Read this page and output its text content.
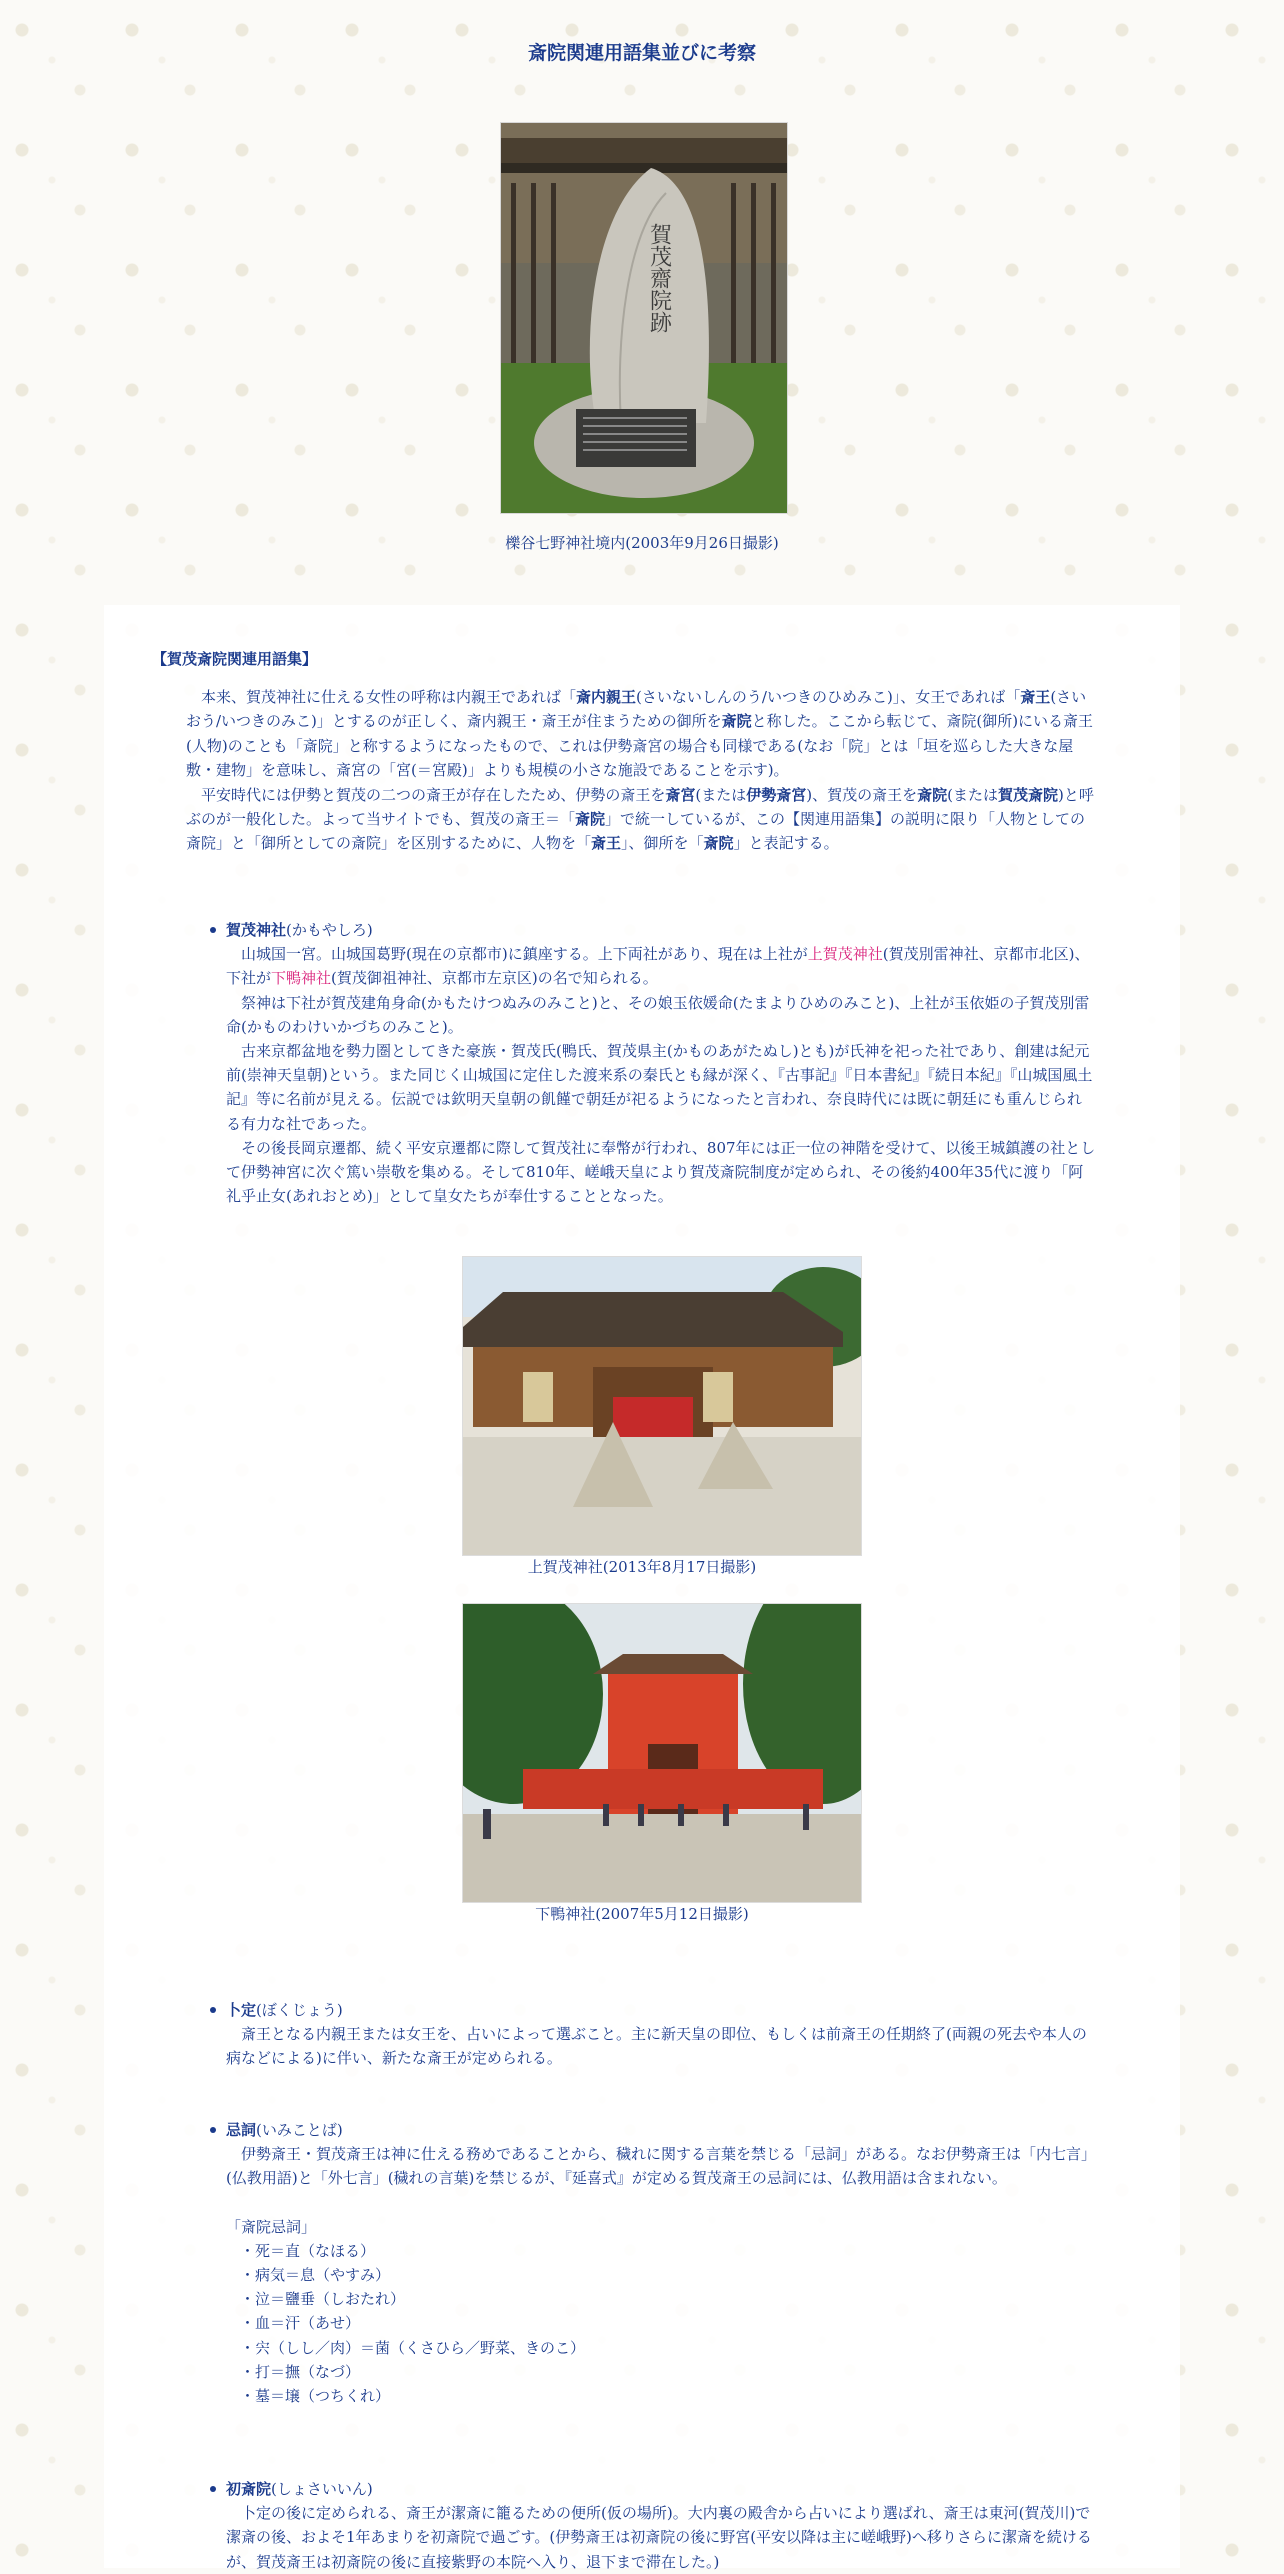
斎院関連用語集並びに考察
賀茂齋院跡
櫟谷七野神社境内(2003年9月26日撮影)
【賀茂斎院関連用語集】

本来、賀茂神社に仕える女性の呼称は内親王であれば「斎内親王(さいないしんのう/いつきのひめみこ)」、女王であれば「斎王(さいおう/いつきのみこ)」とするのが正しく、斎内親王・斎王が住まうための御所を斎院と称した。ここから転じて、斎院(御所)にいる斎王(人物)のことも「斎院」と称するようになったもので、これは伊勢斎宮の場合も同様である(なお「院」とは「垣を巡らした大きな屋敷・建物」を意味し、斎宮の「宮(＝宮殿)」よりも規模の小さな施設であることを示す)。

平安時代には伊勢と賀茂の二つの斎王が存在したため、伊勢の斎王を斎宮(または伊勢斎宮)、賀茂の斎王を斎院(または賀茂斎院)と呼ぶのが一般化した。よって当サイトでも、賀茂の斎王＝「斎院」で統一しているが、この【関連用語集】の説明に限り「人物としての斎院」と「御所としての斎院」を区別するために、人物を「斎王」、御所を「斎院」と表記する。

賀茂神社(かもやしろ)

山城国一宮。山城国葛野(現在の京都市)に鎮座する。上下両社があり、現在は上社が上賀茂神社(賀茂別雷神社、京都市北区)、下社が下鴨神社(賀茂御祖神社、京都市左京区)の名で知られる。

祭神は下社が賀茂建角身命(かもたけつぬみのみこと)と、その娘玉依媛命(たまよりひめのみこと)、上社が玉依姫の子賀茂別雷命(かものわけいかづちのみこと)。

古来京都盆地を勢力圏としてきた豪族・賀茂氏(鴨氏、賀茂県主(かものあがたぬし)とも)が氏神を祀った社であり、創建は紀元前(崇神天皇朝)という。また同じく山城国に定住した渡来系の秦氏とも縁が深く、『古事記』『日本書紀』『続日本紀』『山城国風土記』等に名前が見える。伝説では欽明天皇朝の飢饉で朝廷が祀るようになったと言われ、奈良時代には既に朝廷にも重んじられる有力な社であった。

その後長岡京遷都、続く平安京遷都に際して賀茂社に奉幣が行われ、807年には正一位の神階を受けて、以後王城鎮護の社として伊勢神宮に次ぐ篤い崇敬を集める。そして810年、嵯峨天皇により賀茂斎院制度が定められ、その後約400年35代に渡り「阿礼乎止女(あれおとめ)」として皇女たちが奉仕することとなった。

上賀茂神社(2013年8月17日撮影)
下鴨神社(2007年5月12日撮影)
卜定(ぼくじょう)

斎王となる内親王または女王を、占いによって選ぶこと。主に新天皇の即位、もしくは前斎王の任期終了(両親の死去や本人の病などによる)に伴い、新たな斎王が定められる。

忌詞(いみことば)

伊勢斎王・賀茂斎王は神に仕える務めであることから、穢れに関する言葉を禁じる「忌詞」がある。なお伊勢斎王は「内七言」(仏教用語)と「外七言」(穢れの言葉)を禁じるが、『延喜式』が定める賀茂斎王の忌詞には、仏教用語は含まれない。

「斎院忌詞」
・死＝直（なほる）
・病気＝息（やすみ）
・泣＝鹽垂（しおたれ）
・血＝汗（あせ）
・宍（しし／肉）＝菌（くさひら／野菜、きのこ）
・打＝撫（なづ）
・墓＝壌（つちくれ）
初斎院(しょさいいん)

卜定の後に定められる、斎王が潔斎に籠るための便所(仮の場所)。大内裏の殿舎から占いにより選ばれ、斎王は東河(賀茂川)で潔斎の後、およそ1年あまりを初斎院で過ごす。(伊勢斎王は初斎院の後に野宮(平安以降は主に嵯峨野)へ移りさらに潔斎を続けるが、賀茂斎王は初斎院の後に直接紫野の本院へ入り、退下まで滞在した。)
